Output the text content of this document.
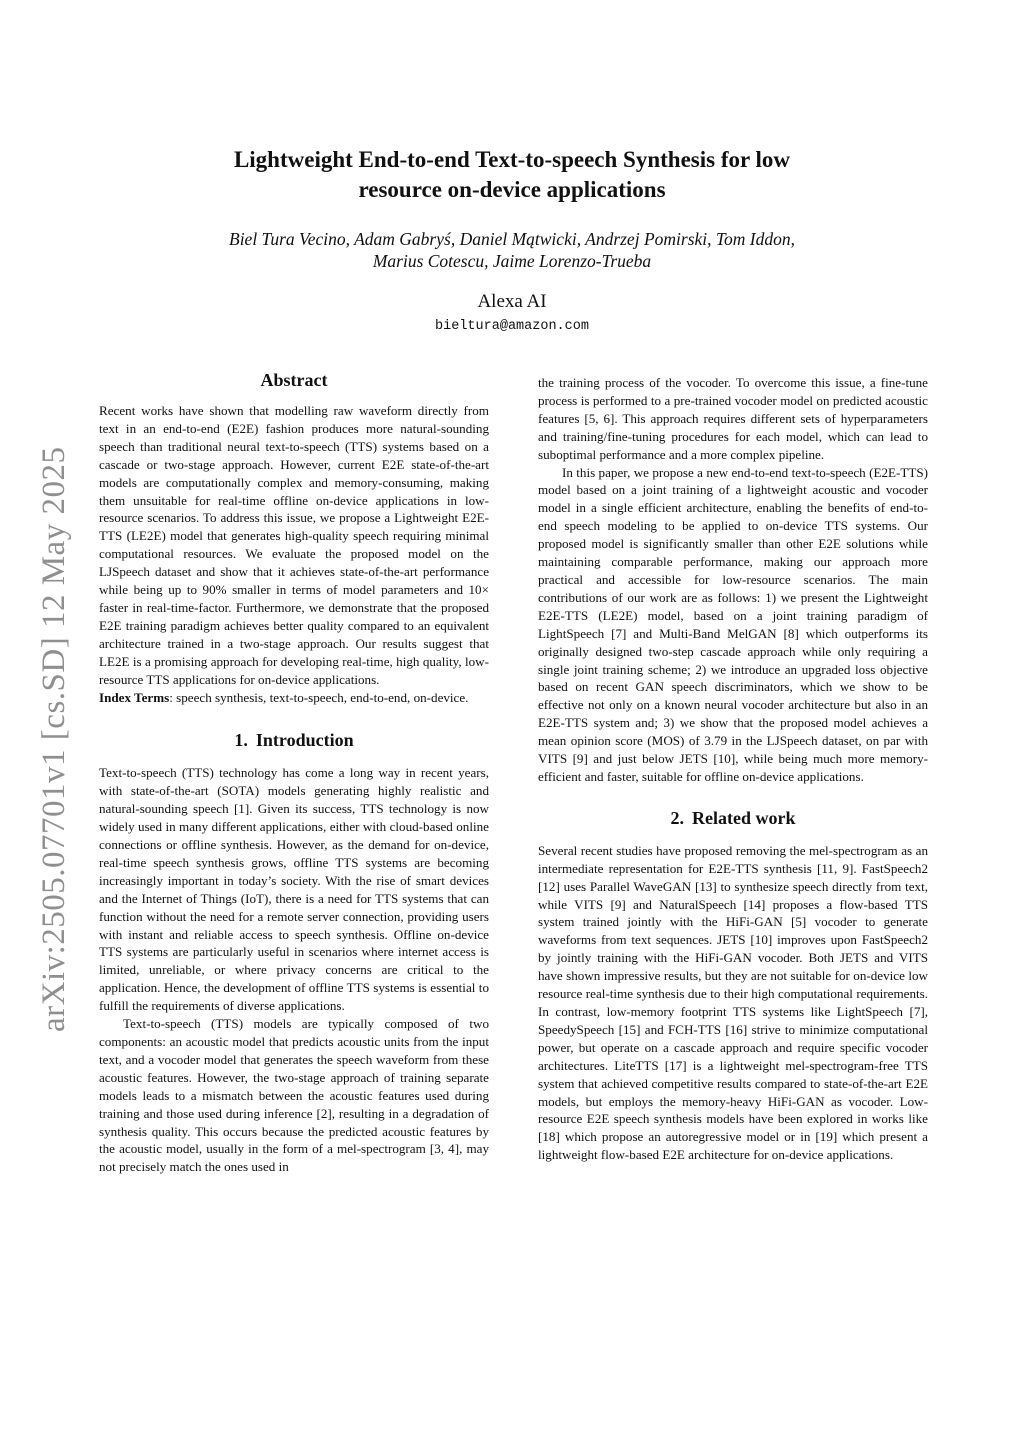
arXiv:2505.07701v1 [cs.SD] 12 May 2025
Lightweight End-to-end Text-to-speech Synthesis for low
resource on-device applications
Biel Tura Vecino, Adam Gabryś, Daniel Mątwicki, Andrzej Pomirski, Tom Iddon,
Marius Cotescu, Jaime Lorenzo-Trueba
Alexa AI
bieltura@amazon.com
Abstract

Recent works have shown that modelling raw waveform directly from text in an end-to-end (E2E) fashion produces more natural-sounding speech than traditional neural text-to-speech (TTS) systems based on a cascade or two-stage approach. However, current E2E state-of-the-art models are computationally complex and memory-consuming, making them unsuitable for real-time offline on-device applications in low-resource scenarios. To address this issue, we propose a Lightweight E2E-TTS (LE2E) model that generates high-quality speech requiring minimal computational resources. We evaluate the proposed model on the LJSpeech dataset and show that it achieves state-of-the-art performance while being up to 90% smaller in terms of model parameters and 10× faster in real-time-factor. Furthermore, we demonstrate that the proposed E2E training paradigm achieves better quality compared to an equivalent architecture trained in a two-stage approach. Our results suggest that LE2E is a promising approach for developing real-time, high quality, low-resource TTS applications for on-device applications.

Index Terms: speech synthesis, text-to-speech, end-to-end, on-device.

1. Introduction

Text-to-speech (TTS) technology has come a long way in recent years, with state-of-the-art (SOTA) models generating highly realistic and natural-sounding speech [1]. Given its success, TTS technology is now widely used in many different applications, either with cloud-based online connections or offline synthesis. However, as the demand for on-device, real-time speech synthesis grows, offline TTS systems are becoming increasingly important in today’s society. With the rise of smart devices and the Internet of Things (IoT), there is a need for TTS systems that can function without the need for a remote server connection, providing users with instant and reliable access to speech synthesis. Offline on-device TTS systems are particularly useful in scenarios where internet access is limited, unreliable, or where privacy concerns are critical to the application. Hence, the development of offline TTS systems is essential to fulfill the requirements of diverse applications.

Text-to-speech (TTS) models are typically composed of two components: an acoustic model that predicts acoustic units from the input text, and a vocoder model that generates the speech waveform from these acoustic features. However, the two-stage approach of training separate models leads to a mismatch between the acoustic features used during training and those used during inference [2], resulting in a degradation of synthesis quality. This occurs because the predicted acoustic features by the acoustic model, usually in the form of a mel-spectrogram [3, 4], may not precisely match the ones used in

the training process of the vocoder. To overcome this issue, a fine-tune process is performed to a pre-trained vocoder model on predicted acoustic features [5, 6]. This approach requires different sets of hyperparameters and training/fine-tuning procedures for each model, which can lead to suboptimal performance and a more complex pipeline.

In this paper, we propose a new end-to-end text-to-speech (E2E-TTS) model based on a joint training of a lightweight acoustic and vocoder model in a single efficient architecture, enabling the benefits of end-to-end speech modeling to be applied to on-device TTS systems. Our proposed model is significantly smaller than other E2E solutions while maintaining comparable performance, making our approach more practical and accessible for low-resource scenarios. The main contributions of our work are as follows: 1) we present the Lightweight E2E-TTS (LE2E) model, based on a joint training paradigm of LightSpeech [7] and Multi-Band MelGAN [8] which outperforms its originally designed two-step cascade approach while only requiring a single joint training scheme; 2) we introduce an upgraded loss objective based on recent GAN speech discriminators, which we show to be effective not only on a known neural vocoder architecture but also in an E2E-TTS system and; 3) we show that the proposed model achieves a mean opinion score (MOS) of 3.79 in the LJSpeech dataset, on par with VITS [9] and just below JETS [10], while being much more memory-efficient and faster, suitable for offline on-device applications.

2. Related work

Several recent studies have proposed removing the mel-spectrogram as an intermediate representation for E2E-TTS synthesis [11, 9]. FastSpeech2 [12] uses Parallel WaveGAN [13] to synthesize speech directly from text, while VITS [9] and NaturalSpeech [14] proposes a flow-based TTS system trained jointly with the HiFi-GAN [5] vocoder to generate waveforms from text sequences. JETS [10] improves upon FastSpeech2 by jointly training with the HiFi-GAN vocoder. Both JETS and VITS have shown impressive results, but they are not suitable for on-device low resource real-time synthesis due to their high computational requirements. In contrast, low-memory footprint TTS systems like LightSpeech [7], SpeedySpeech [15] and FCH-TTS [16] strive to minimize computational power, but operate on a cascade approach and require specific vocoder architectures. LiteTTS [17] is a lightweight mel-spectrogram-free TTS system that achieved competitive results compared to state-of-the-art E2E models, but employs the memory-heavy HiFi-GAN as vocoder. Low-resource E2E speech synthesis models have been explored in works like [18] which propose an autoregressive model or in [19] which present a lightweight flow-based E2E architecture for on-device applications.
